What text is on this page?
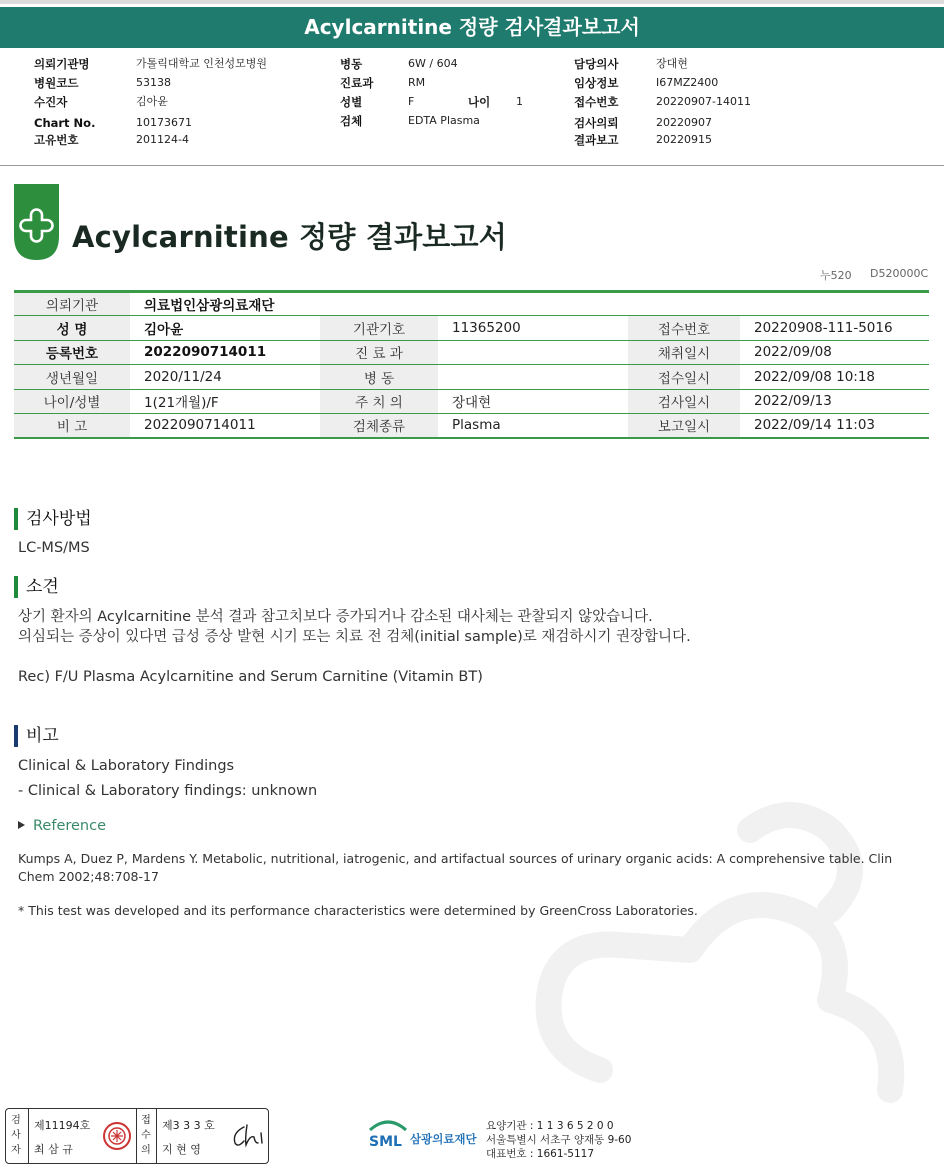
Acylcarnitine 정량 검사결과보고서
의뢰기관명	가톨릭대학교 인천성모병원
병원코드	53138
수진자	김아윤
Chart No.	10173671
고유번호	201124-4
병동	6W / 604
진료과	RM
성별	F	나이 1
검체	EDTA Plasma
담당의사	장대현
임상정보	I67MZ2400
접수번호	20220907-14011
검사의뢰	20220907
결과보고	20220915
Acylcarnitine 정량 결과보고서
누520 D520000C
의뢰기관	의료법인삼광의료재단				
성 명	김아윤	기관기호	11365200	접수번호	20220908-111-5016
등록번호	2022090714011	진 료 과		채취일시	2022/09/08
생년월일	2020/11/24	병 동		접수일시	2022/09/08 10:18
나이/성별	1(21개월)/F	주 치 의	장대현	검사일시	2022/09/13
비 고	2022090714011	검체종류	Plasma	보고일시	2022/09/14 11:03
검사방법
LC-MS/MS
소견
상기 환자의 Acylcarnitine 분석 결과 참고치보다 증가되거나 감소된 대사체는 관찰되지 않았습니다.
의심되는 증상이 있다면 급성 증상 발현 시기 또는 치료 전 검체(initial sample)로 재검하시기 권장합니다.
Rec) F/U Plasma Acylcarnitine and Serum Carnitine (Vitamin BT)
비고
Clinical & Laboratory Findings
- Clinical & Laboratory findings: unknown
Reference
Kumps A, Duez P, Mardens Y. Metabolic, nutritional, iatrogenic, and artifactual sources of urinary organic acids: A comprehensive table. Clin Chem 2002;48:708-17
* This test was developed and its performance characteristics were determined by GreenCross Laboratories.
검사자
제11194호
최 삼 규
접수의
제3 3 3 호
지 현 영	SML 삼광의료재단
요양기관 : 1 1 3 6 5 2 0 0
서울특별시 서초구 양재동 9-60
대표번호 : 1661-5117
